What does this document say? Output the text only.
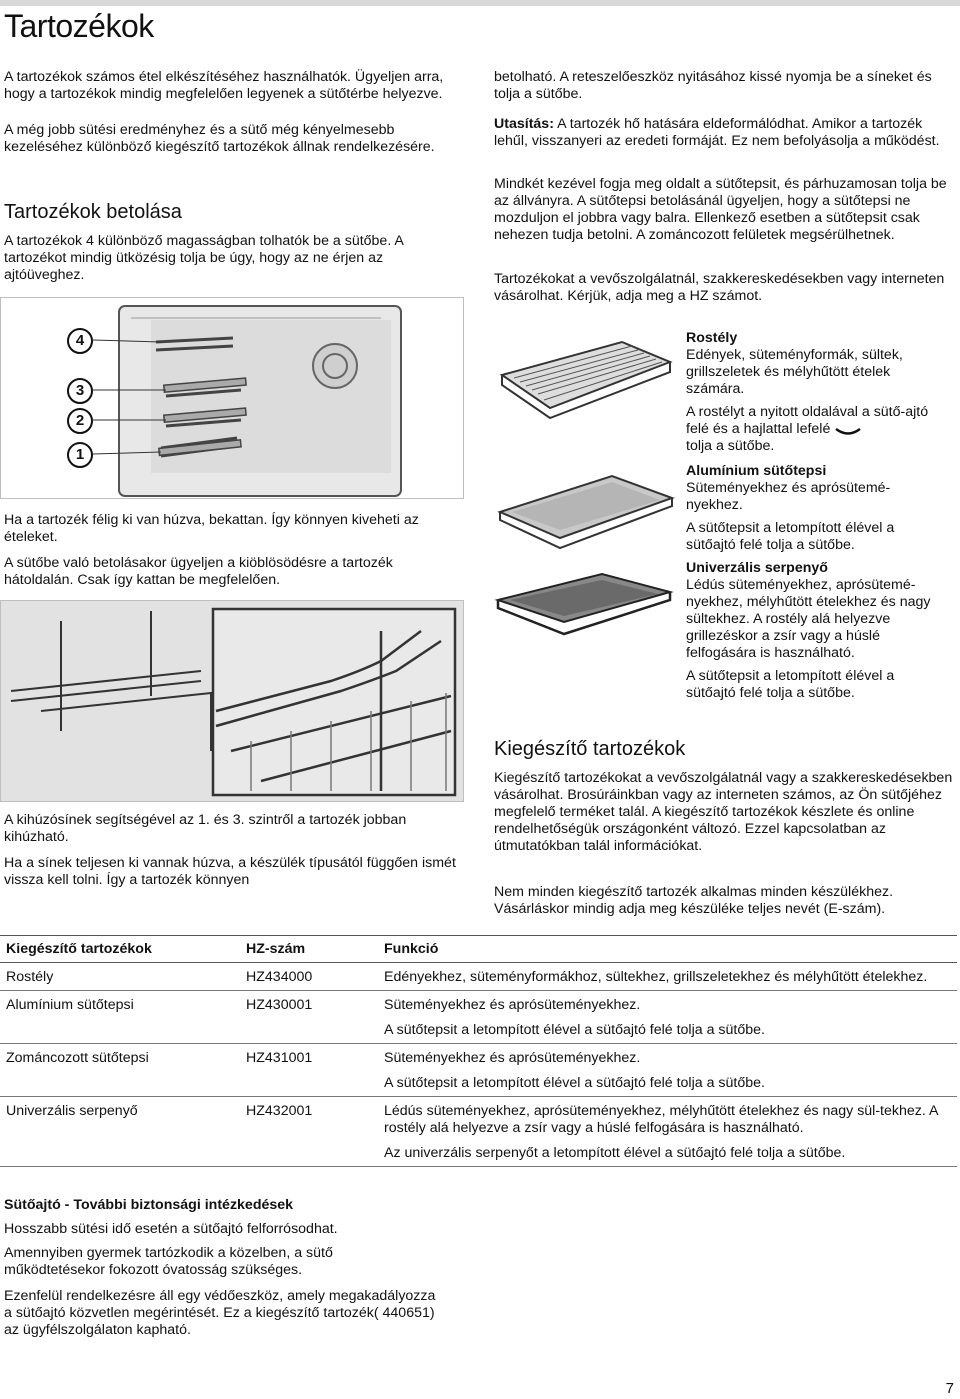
Tartozékok

A tartozékok számos étel elkészítéséhez használhatók. Ügyeljen arra, hogy a tartozékok mindig megfelelően legyenek a sütőtérbe helyezve.

A még jobb sütési eredményhez és a sütő még kényelmesebb kezeléséhez különböző kiegészítő tartozékok állnak rendelkezésére.

Tartozékok betolása

A tartozékok 4 különböző magasságban tolhatók be a sütőbe. A tartozékot mindig ütközésig tolja be úgy, hogy az ne érjen az ajtóüveghez.

4
3
2
1

Ha a tartozék félig ki van húzva, bekattan. Így könnyen kiveheti az ételeket.

A sütőbe való betolásakor ügyeljen a kiöblösödésre a tartozék hátoldalán. Csak így kattan be megfelelően.

A kihúzósínek segítségével az 1. és 3. szintről a tartozék jobban kihúzható.

Ha a sínek teljesen ki vannak húzva, a készülék típusától függően ismét vissza kell tolni. Így a tartozék könnyen

betolható. A reteszelőeszköz nyitásához kissé nyomja be a síneket és tolja a sütőbe.

Utasítás: A tartozék hő hatására eldeformálódhat. Amikor a tartozék lehűl, visszanyeri az eredeti formáját. Ez nem befolyásolja a működést.

Mindkét kezével fogja meg oldalt a sütőtepsit, és párhuzamosan tolja be az állványra. A sütőtepsi betolásánál ügyeljen, hogy a sütőtepsi ne mozduljon el jobbra vagy balra. Ellenkező esetben a sütőtepsit csak nehezen tudja betolni. A zománcozott felületek megsérülhetnek.

Tartozékokat a vevőszolgálatnál, szakkereskedésekben vagy interneten vásárolhat. Kérjük, adja meg a HZ számot.

Rostély
Edények, süteményformák, sültek, grillszeletek és mélyhűtött ételek számára.
A rostélyt a nyitott oldalával a sütő-ajtó felé és a hajlattal lefelé
tolja a sütőbe.
Alumínium sütőtepsi
Süteményekhez és aprósütemé-nyekhez.
A sütőtepsit a letompított élével a sütőajtó felé tolja a sütőbe.
Univerzális serpenyő
Lédús süteményekhez, aprósütemé-nyekhez, mélyhűtött ételekhez és nagy sültekhez. A rostély alá helyezve grillezéskor a zsír vagy a húslé felfogására is használható.
A sütőtepsit a letompított élével a sütőajtó felé tolja a sütőbe.
Kiegészítő tartozékok

Kiegészítő tartozékokat a vevőszolgálatnál vagy a szakkereskedésekben vásárolhat. Brosúráinkban vagy az interneten számos, az Ön sütőjéhez megfelelő terméket talál. A kiegészítő tartozékok készlete és online rendelhetőségük országonként változó. Ezzel kapcsolatban az útmutatókban talál információkat.

Nem minden kiegészítő tartozék alkalmas minden készülékhez. Vásárláskor mindig adja meg készüléke teljes nevét (E-szám).

Kiegészítő tartozékok	HZ-szám	Funkció
Rostély	HZ434000	Edényekhez, süteményformákhoz, sültekhez, grillszeletekhez és mélyhűtött ételekhez.
Alumínium sütőtepsi	HZ430001	Süteményekhez és aprósüteményekhez.
A sütőtepsit a letompított élével a sütőajtó felé tolja a sütőbe.

Zománcozott sütőtepsi	HZ431001	Süteményekhez és aprósüteményekhez.
A sütőtepsit a letompított élével a sütőajtó felé tolja a sütőbe.

Univerzális serpenyő	HZ432001	Lédús süteményekhez, aprósüteményekhez, mélyhűtött ételekhez és nagy sül-tekhez. A rostély alá helyezve a zsír vagy a húslé felfogására is használható.
Az univerzális serpenyőt a letompított élével a sütőajtó felé tolja a sütőbe.
Sütőajtó - További biztonsági intézkedések

Hosszabb sütési idő esetén a sütőajtó felforrósodhat.

Amennyiben gyermek tartózkodik a közelben, a sütő működtetésekor fokozott óvatosság szükséges.

Ezenfelül rendelkezésre áll egy védőeszköz, amely megakadályozza a sütőajtó közvetlen megérintését. Ez a kiegészítő tartozék( 440651) az ügyfélszolgálaton kapható.

7
